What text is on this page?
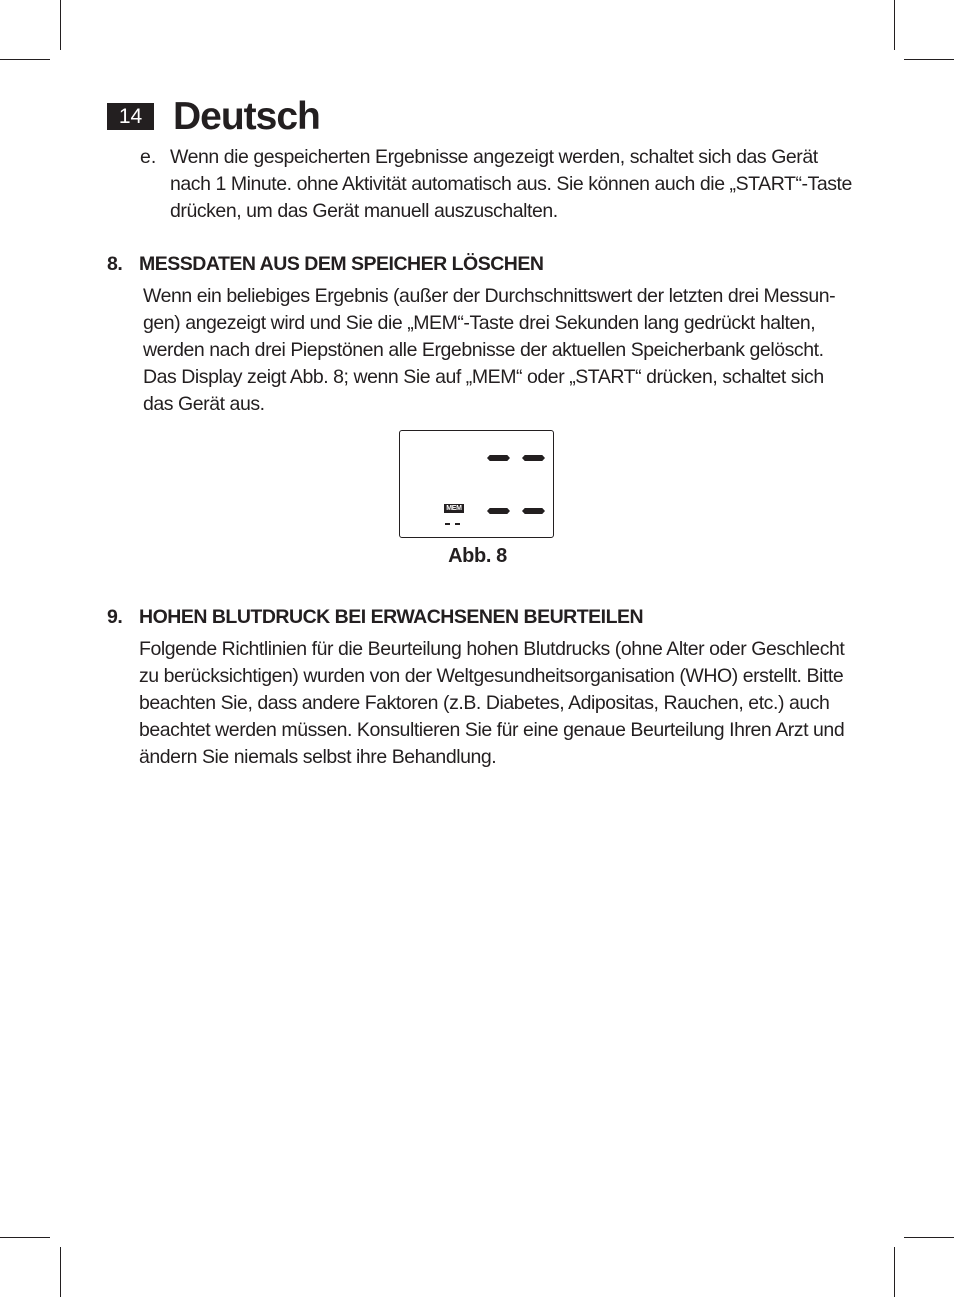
14 Deutsch
e. Wenn die gespeicherten Ergebnisse angezeigt werden, schaltet sich das Gerät
nach 1 Minute. ohne Aktivität automatisch aus. Sie können auch die „START“-Taste
drücken, um das Gerät manuell auszuschalten.
8. MESSDATEN AUS DEM SPEICHER LÖSCHEN
Wenn ein beliebiges Ergebnis (außer der Durchschnittswert der letzten drei Messun-
gen) angezeigt wird und Sie die „MEM“-Taste drei Sekunden lang gedrückt halten,
werden nach drei Piepstönen alle Ergebnisse der aktuellen Speicherbank gelöscht.
Das Display zeigt Abb. 8; wenn Sie auf „MEM“ oder „START“ drücken, schaltet sich
das Gerät aus.
MEM
Abb. 8
9. HOHEN BLUTDRUCK BEI ERWACHSENEN BEURTEILEN
Folgende Richtlinien für die Beurteilung hohen Blutdrucks (ohne Alter oder Geschlecht
zu berücksichtigen) wurden von der Weltgesundheitsorganisation (WHO) erstellt. Bitte
beachten Sie, dass andere Faktoren (z.B. Diabetes, Adipositas, Rauchen, etc.) auch
beachtet werden müssen. Konsultieren Sie für eine genaue Beurteilung Ihren Arzt und
ändern Sie niemals selbst ihre Behandlung.
